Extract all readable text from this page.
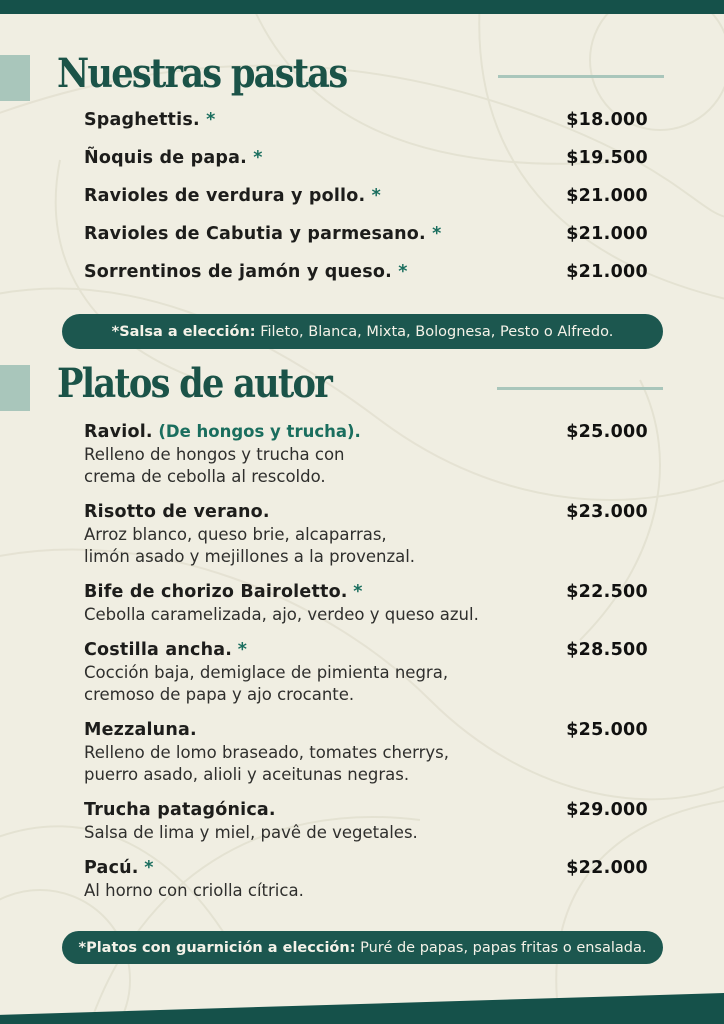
Nuestras pastas
Spaghettis. *	$18.000
Ñoquis de papa. *	$19.500
Ravioles de verdura y pollo. *	$21.000
Ravioles de Cabutia y parmesano. *	$21.000
Sorrentinos de jamón y queso. *	$21.000
*Salsa a elección: Fileto, Blanca, Mixta, Bolognesa, Pesto o Alfredo.
Platos de autor
Raviol. (De hongos y trucha).	$25.000
Relleno de hongos y trucha con
crema de cebolla al rescoldo.
Risotto de verano.	$23.000
Arroz blanco, queso brie, alcaparras,
limón asado y mejillones a la provenzal.
Bife de chorizo Bairoletto. *	$22.500
Cebolla caramelizada, ajo, verdeo y queso azul.
Costilla ancha. *	$28.500
Cocción baja, demiglace de pimienta negra,
cremoso de papa y ajo crocante.
Mezzaluna.	$25.000
Relleno de lomo braseado, tomates cherrys,
puerro asado, alioli y aceitunas negras.
Trucha patagónica.	$29.000
Salsa de lima y miel, pavê de vegetales.
Pacú. *	$22.000
Al horno con criolla cítrica.
*Platos con guarnición a elección: Puré de papas, papas fritas o ensalada.
